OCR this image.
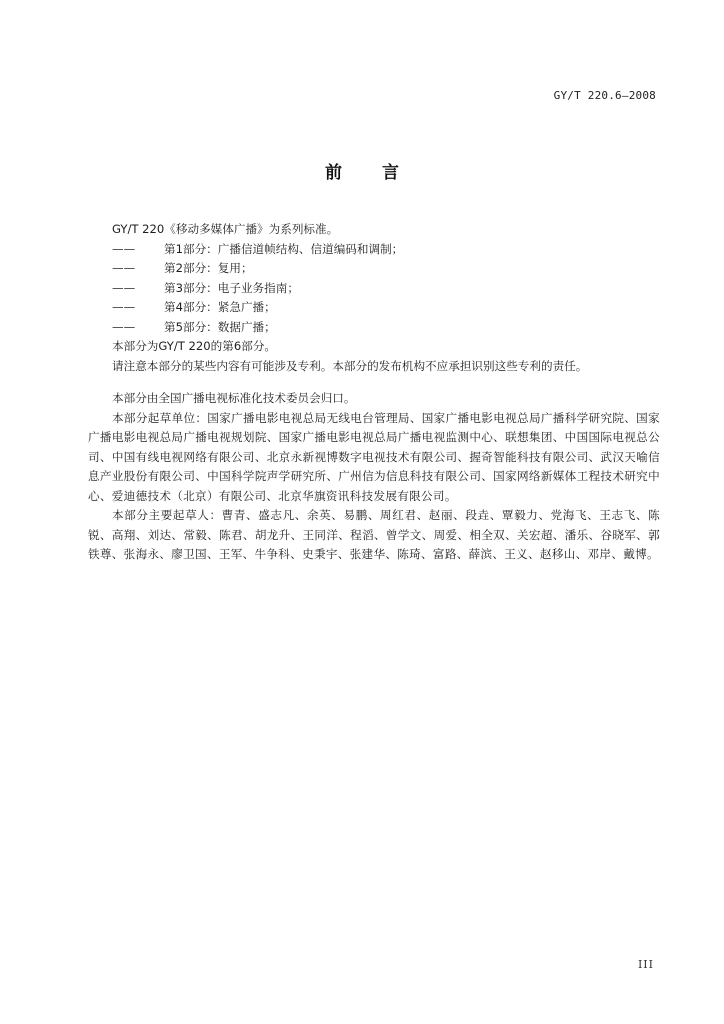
GY/T 220.6—2008
前 言
GY/T 220《移动多媒体广播》为系列标准。
——	第1部分：广播信道帧结构、信道编码和调制；
——	第2部分：复用；
——	第3部分：电子业务指南；
——	第4部分：紧急广播；
——	第5部分：数据广播；
本部分为GY/T 220的第6部分。
请注意本部分的某些内容有可能涉及专利。本部分的发布机构不应承担识别这些专利的责任。
本部分由全国广播电视标准化技术委员会归口。
本部分起草单位：国家广播电影电视总局无线电台管理局、国家广播电影电视总局广播科学研究院、国家广播电影电视总局广播电视规划院、国家广播电影电视总局广播电视监测中心、联想集团、中国国际电视总公司、中国有线电视网络有限公司、北京永新视博数字电视技术有限公司、握奇智能科技有限公司、武汉天喻信息产业股份有限公司、中国科学院声学研究所、广州信为信息科技有限公司、国家网络新媒体工程技术研究中心、爱迪德技术（北京）有限公司、北京华旗资讯科技发展有限公司。
本部分主要起草人：曹青、盛志凡、余英、易鹏、周红君、赵丽、段垚、覃毅力、党海飞、王志飞、陈锐、高翔、刘达、常毅、陈君、胡龙升、王同洋、程滔、曾学文、周爱、相全双、关宏超、潘乐、谷晓军、郭铁尊、张海永、廖卫国、王军、牛争科、史秉宇、张建华、陈琦、富路、薛滨、王义、赵移山、邓岸、戴博。
III
